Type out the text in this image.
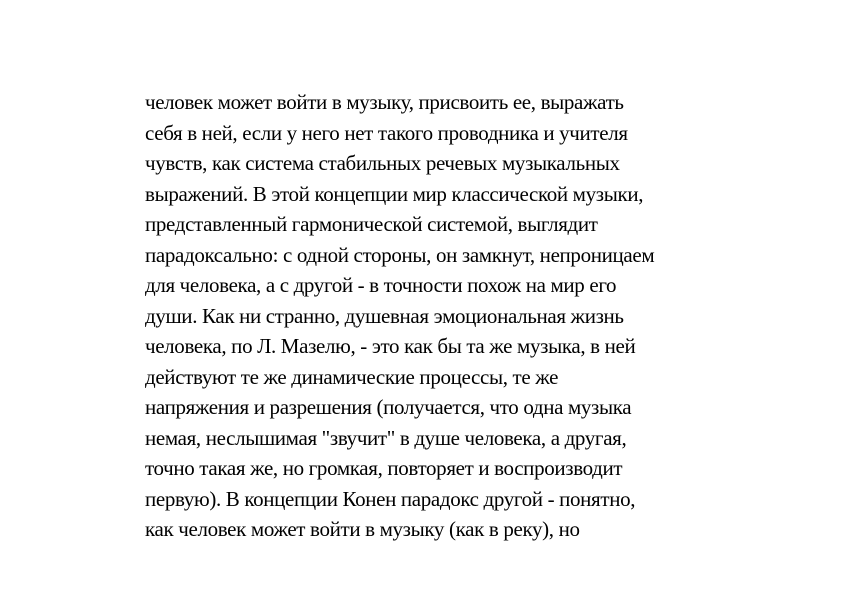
человек может войти в музыку, присвоить ее, выражать
себя в ней, если у него нет такого проводника и учителя
чувств, как система стабильных речевых музыкальных
выражений. В этой концепции мир классической музыки,
представленный гармонической системой, выглядит
парадоксально: с одной стороны, он замкнут, непроницаем
для человека, а с другой - в точности похож на мир его
души. Как ни странно, душевная эмоциональная жизнь
человека, по Л. Мазелю, - это как бы та же музыка, в ней
действуют те же динамические процессы, те же
напряжения и разрешения (получается, что одна музыка
немая, неслышимая "звучит" в душе человека, а другая,
точно такая же, но громкая, повторяет и воспроизводит
первую). В концепции Конен парадокс другой - понятно,
как человек может войти в музыку (как в реку), но
